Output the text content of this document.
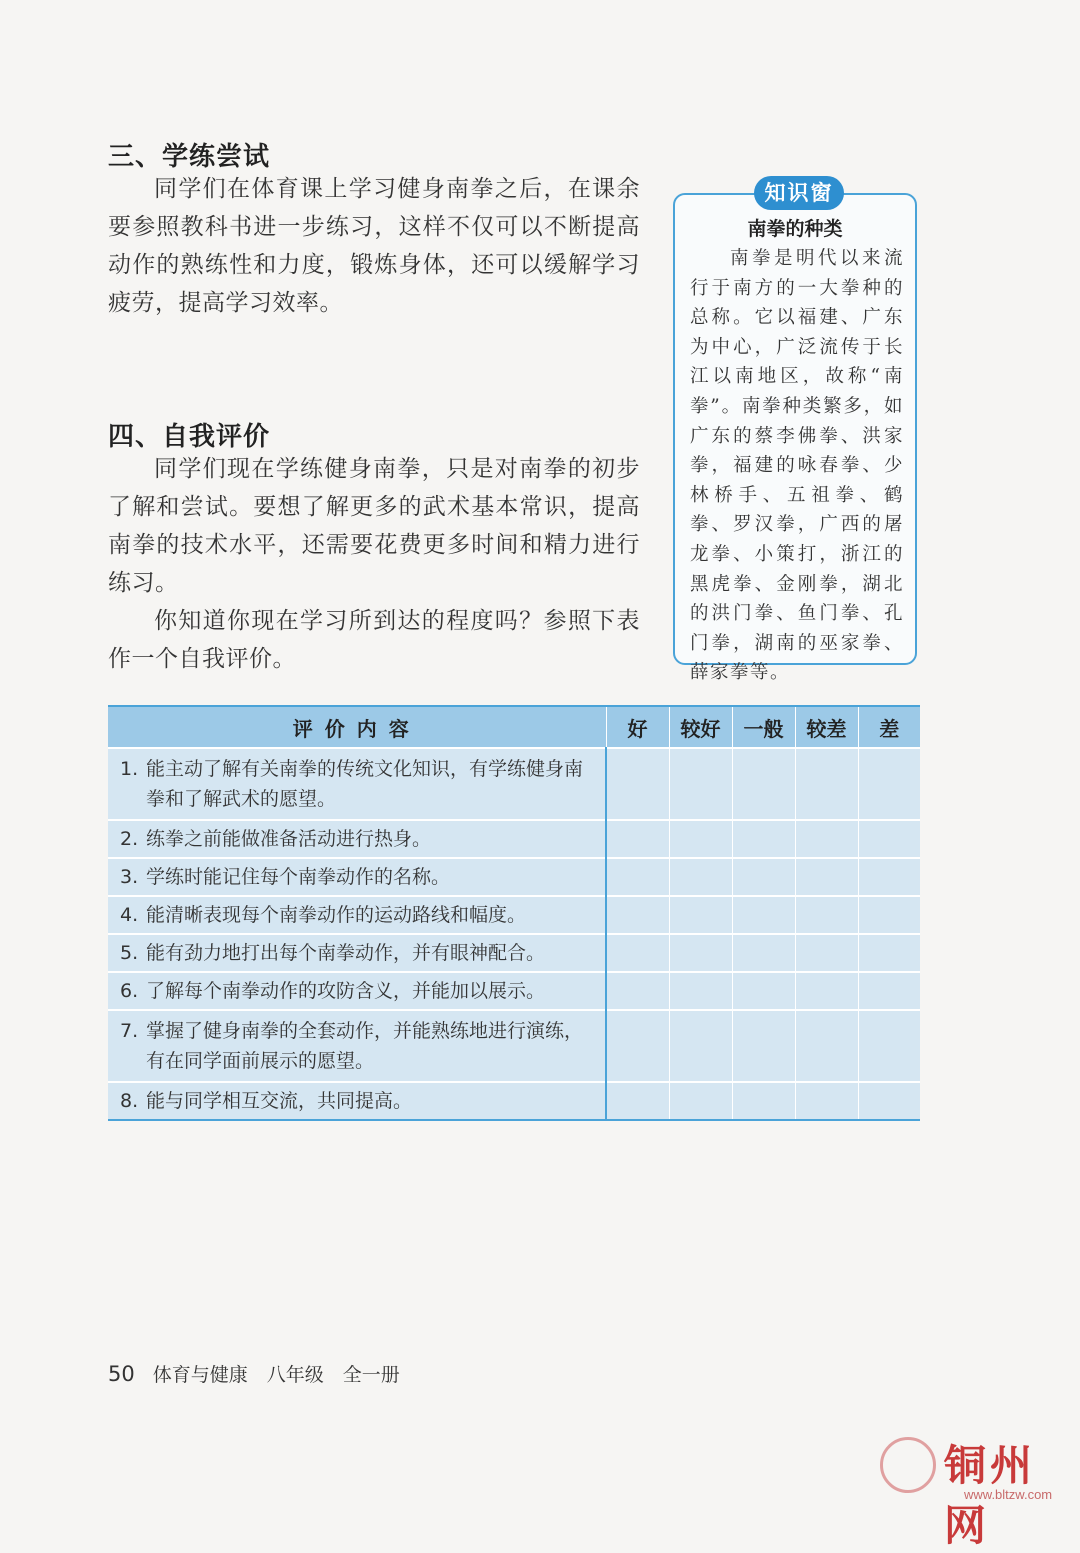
三、学练尝试
同学们在体育课上学习健身南拳之后，在课余要参照教科书进一步练习，这样不仅可以不断提高动作的熟练性和力度，锻炼身体，还可以缓解学习疲劳，提高学习效率。
四、自我评价
同学们现在学练健身南拳，只是对南拳的初步了解和尝试。要想了解更多的武术基本常识，提高南拳的技术水平，还需要花费更多时间和精力进行练习。
你知道你现在学习所到达的程度吗？参照下表作一个自我评价。
知识窗
南拳的种类
南拳是明代以来流行于南方的一大拳种的总称。它以福建、广东为中心，广泛流传于长江以南地区，故称“南拳”。南拳种类繁多，如广东的蔡李佛拳、洪家拳，福建的咏春拳、少林桥手、五祖拳、鹤拳、罗汉拳，广西的屠龙拳、小策打，浙江的黑虎拳、金刚拳，湖北的洪门拳、鱼门拳、孔门拳，湖南的巫家拳、薛家拳等。
评价内容	好	较好	一般	较差	差

1. 能主动了解有关南拳的传统文化知识，有学练健身南拳和了解武术的愿望。					

2. 练拳之前能做准备活动进行热身。					

3. 学练时能记住每个南拳动作的名称。					

4. 能清晰表现每个南拳动作的运动路线和幅度。					

5. 能有劲力地打出每个南拳动作，并有眼神配合。					

6. 了解每个南拳动作的攻防含义，并能加以展示。					

7. 掌握了健身南拳的全套动作，并能熟练地进行演练，有在同学面前展示的愿望。					

8. 能与同学相互交流，共同提高。					

50 体育与健康　八年级　全一册
铜州网
www.bltzw.com
